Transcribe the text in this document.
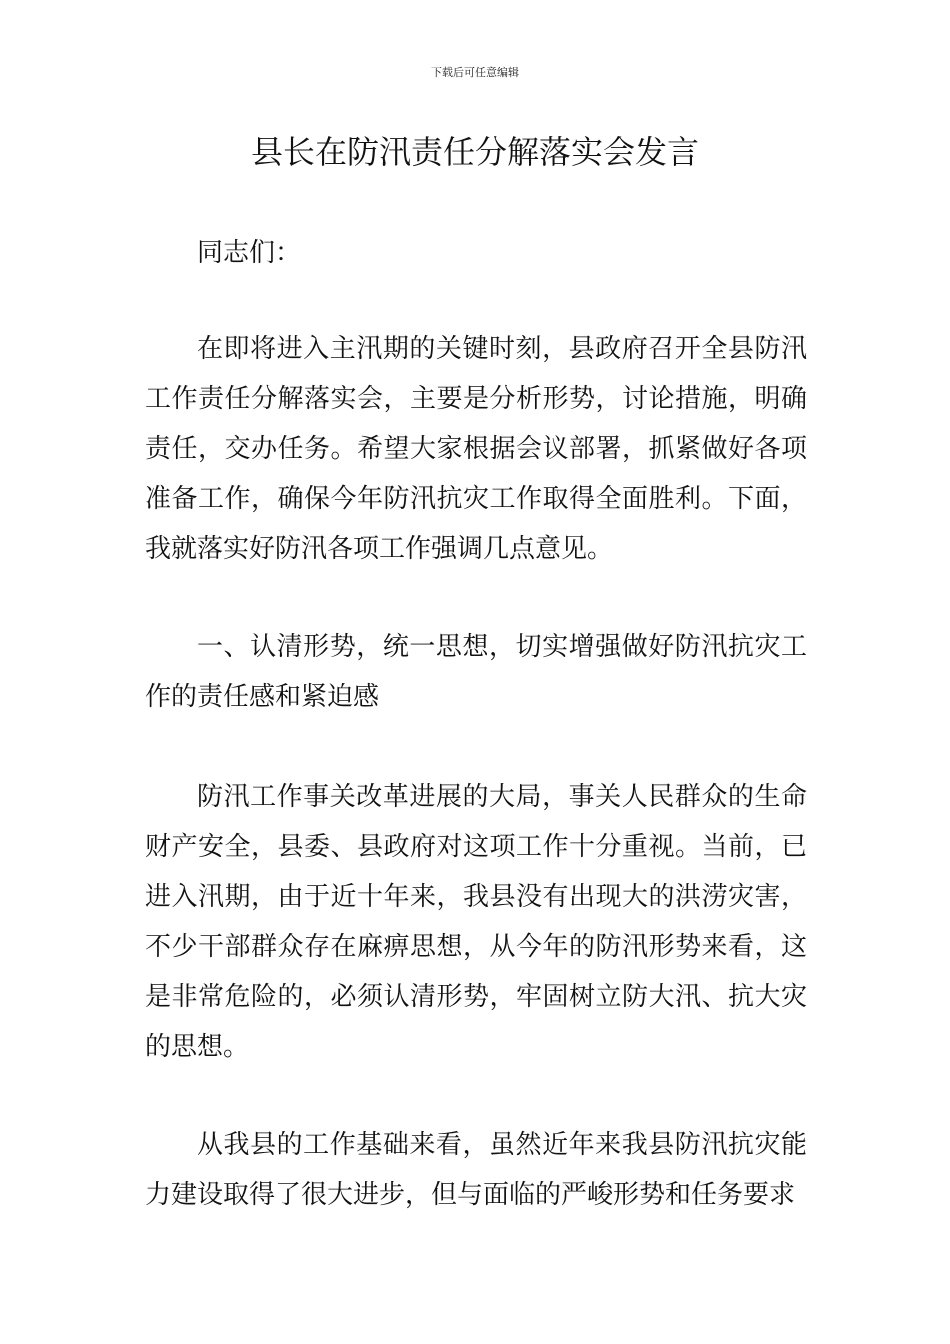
下载后可任意编辑
县长在防汛责任分解落实会发言

同志们：

在即将进入主汛期的关键时刻，县政府召开全县防汛工作责任分解落实会，主要是分析形势，讨论措施，明确责任，交办任务。希望大家根据会议部署，抓紧做好各项准备工作，确保今年防汛抗灾工作取得全面胜利。下面，我就落实好防汛各项工作强调几点意见。

一、认清形势，统一思想，切实增强做好防汛抗灾工作的责任感和紧迫感

防汛工作事关改革进展的大局，事关人民群众的生命财产安全，县委、县政府对这项工作十分重视。当前，已进入汛期，由于近十年来，我县没有出现大的洪涝灾害，不少干部群众存在麻痹思想，从今年的防汛形势来看，这是非常危险的，必须认清形势，牢固树立防大汛、抗大灾的思想。

从我县的工作基础来看，虽然近年来我县防汛抗灾能力建设取得了很大进步，但与面临的严峻形势和任务要求
